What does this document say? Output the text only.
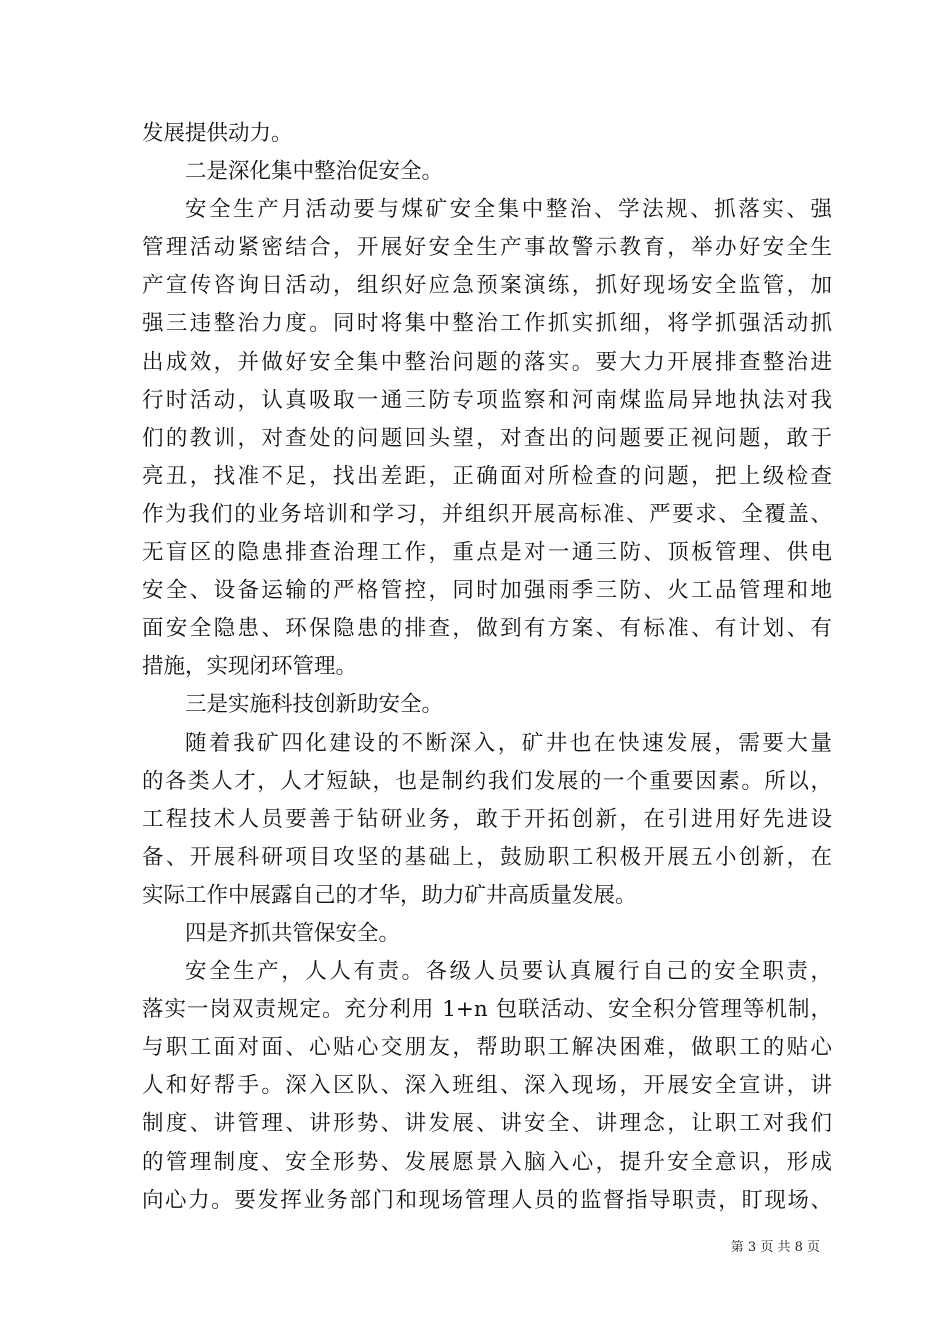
发展提供动力。
二是深化集中整治促安全。
安全生产月活动要与煤矿安全集中整治、学法规、抓落实、强
管理活动紧密结合，开展好安全生产事故警示教育，举办好安全生
产宣传咨询日活动，组织好应急预案演练，抓好现场安全监管，加
强三违整治力度。同时将集中整治工作抓实抓细，将学抓强活动抓
出成效，并做好安全集中整治问题的落实。要大力开展排查整治进
行时活动，认真吸取一通三防专项监察和河南煤监局异地执法对我
们的教训，对查处的问题回头望，对查出的问题要正视问题，敢于
亮丑，找准不足，找出差距，正确面对所检查的问题，把上级检查
作为我们的业务培训和学习，并组织开展高标准、严要求、全覆盖、
无盲区的隐患排查治理工作，重点是对一通三防、顶板管理、供电
安全、设备运输的严格管控，同时加强雨季三防、火工品管理和地
面安全隐患、环保隐患的排查，做到有方案、有标准、有计划、有
措施，实现闭环管理。
三是实施科技创新助安全。
随着我矿四化建设的不断深入，矿井也在快速发展，需要大量
的各类人才，人才短缺，也是制约我们发展的一个重要因素。所以，
工程技术人员要善于钻研业务，敢于开拓创新，在引进用好先进设
备、开展科研项目攻坚的基础上，鼓励职工积极开展五小创新，在
实际工作中展露自己的才华，助力矿井高质量发展。
四是齐抓共管保安全。
安全生产，人人有责。各级人员要认真履行自己的安全职责，
落实一岗双责规定。充分利用 1+n 包联活动、安全积分管理等机制，
与职工面对面、心贴心交朋友，帮助职工解决困难，做职工的贴心
人和好帮手。深入区队、深入班组、深入现场，开展安全宣讲，讲
制度、讲管理、讲形势、讲发展、讲安全、讲理念，让职工对我们
的管理制度、安全形势、发展愿景入脑入心，提升安全意识，形成
向心力。要发挥业务部门和现场管理人员的监督指导职责，盯现场、
第 3 页 共 8 页
